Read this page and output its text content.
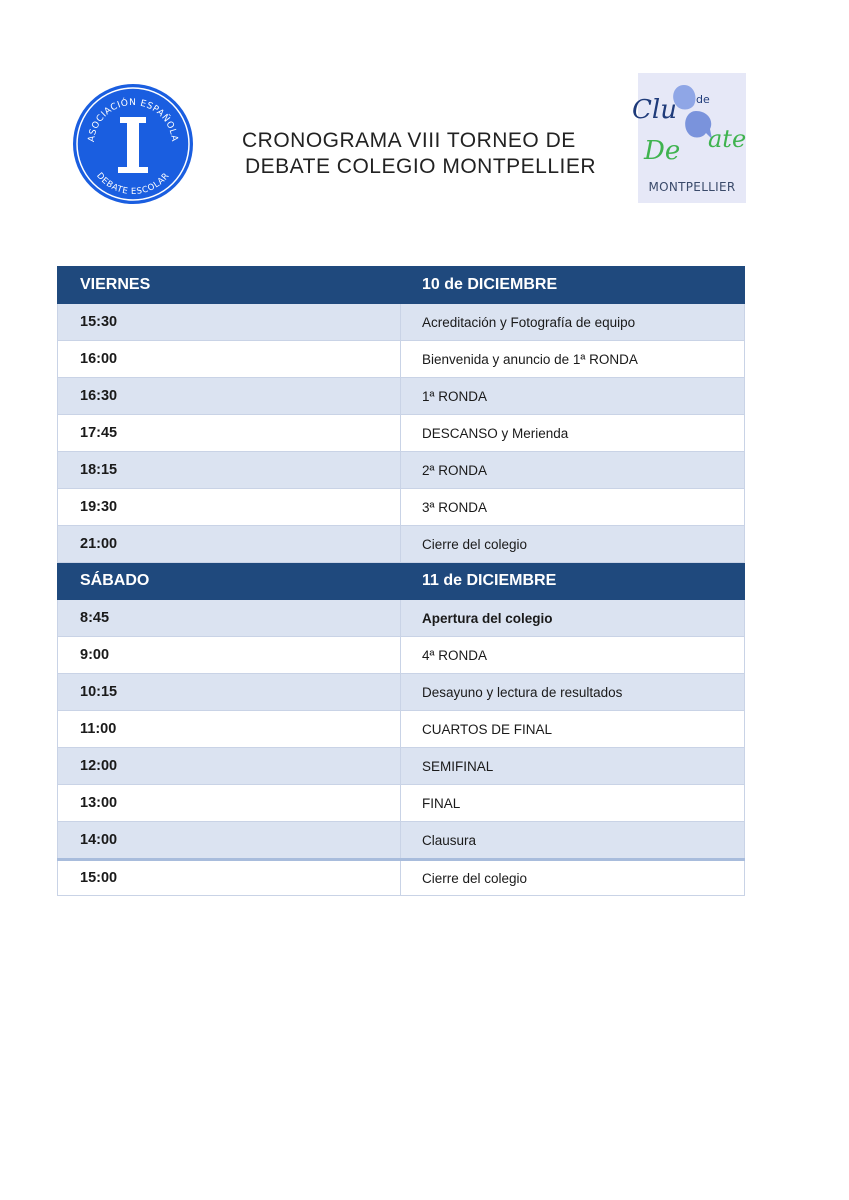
ASOCIACIÓN ESPAÑOLA
DEBATE ESCOLAR
CRONOGRAMA VIII TORNEO DE
DEBATE COLEGIO MONTPELLIER
Clu de
De ate
MONTPELLIER
VIERNES	10 de DICIEMBRE
15:30	Acreditación y Fotografía de equipo
16:00	Bienvenida y anuncio de 1ª RONDA
16:30	1ª RONDA
17:45	DESCANSO y Merienda
18:15	2ª RONDA
19:30	3ª RONDA
21:00	Cierre del colegio
SÁBADO	11 de DICIEMBRE
8:45	Apertura del colegio
9:00	4ª RONDA
10:15	Desayuno y lectura de resultados
11:00	CUARTOS DE FINAL
12:00	SEMIFINAL
13:00	FINAL
14:00	Clausura
15:00	Cierre del colegio
